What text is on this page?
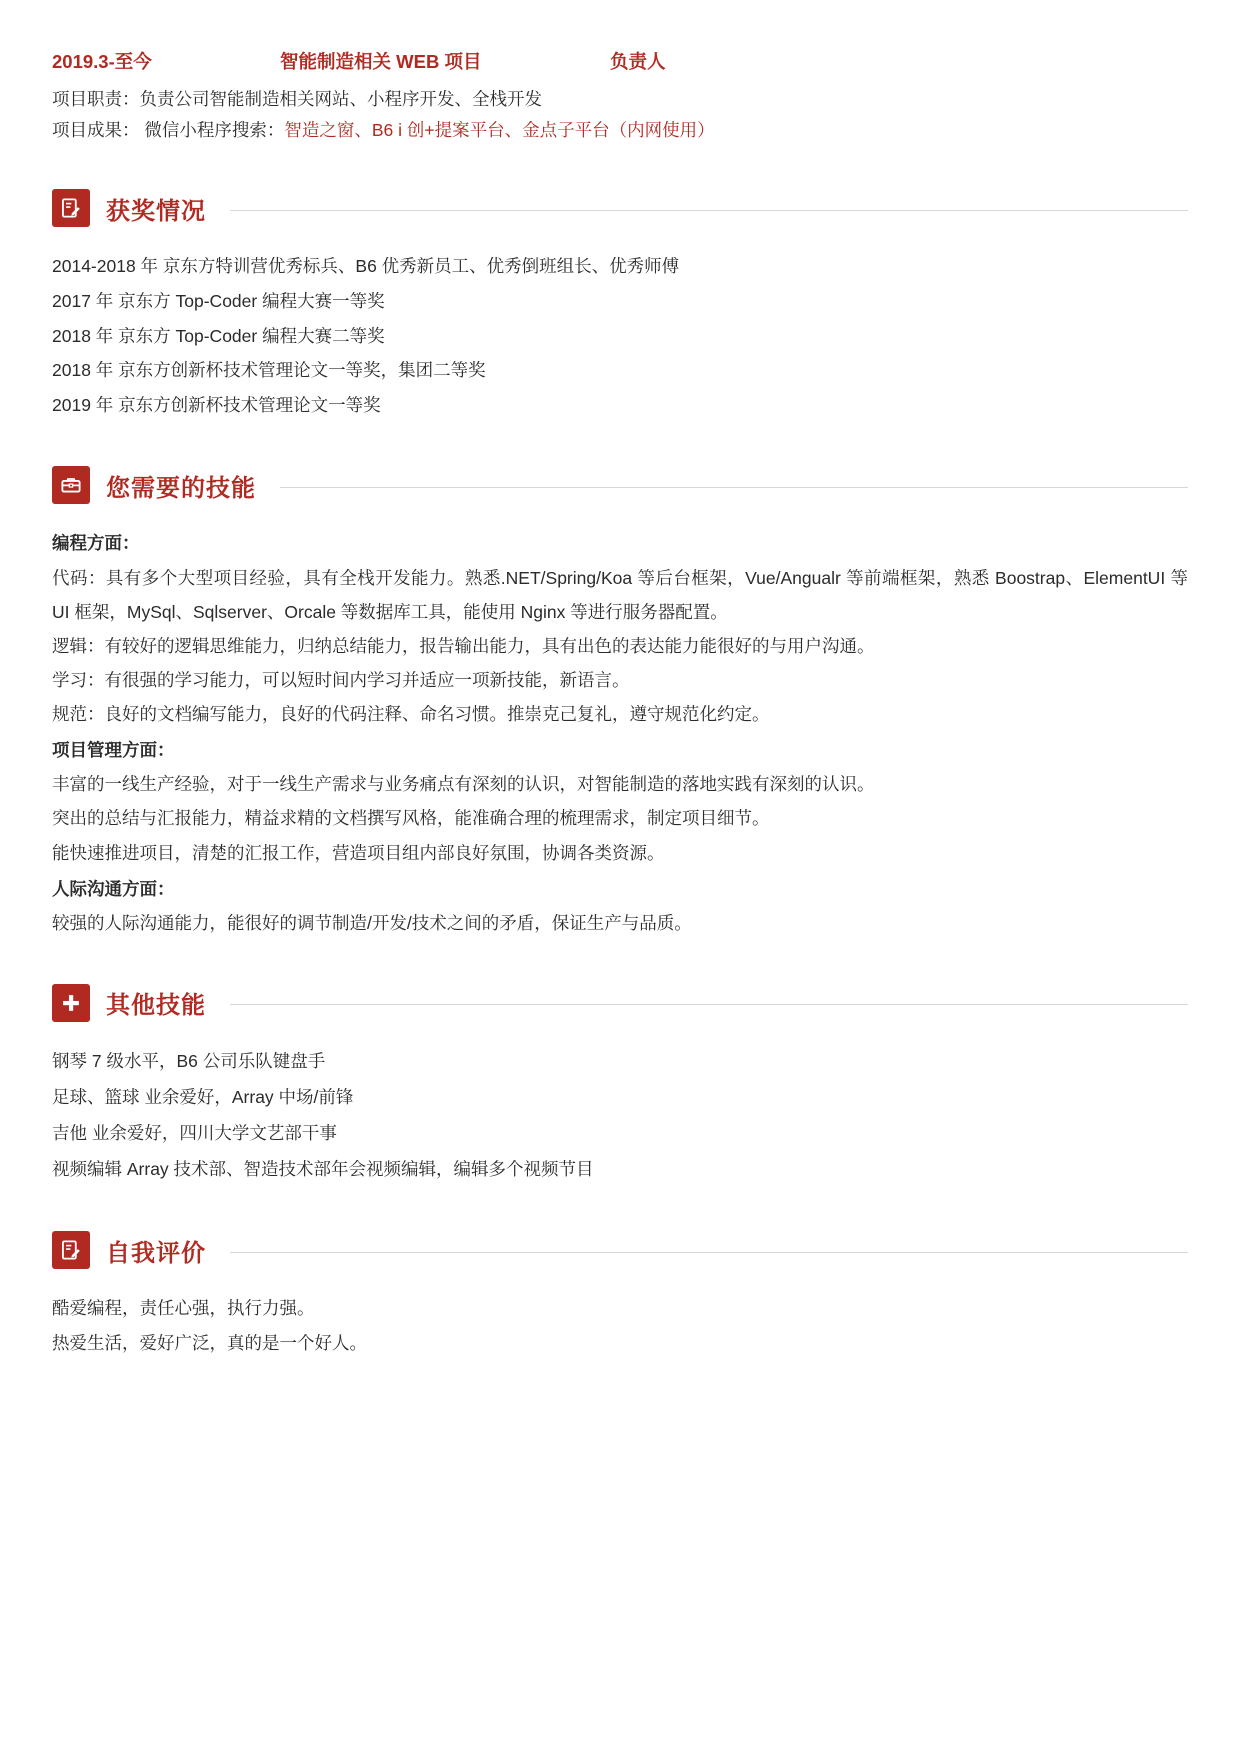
2019.3-至今	智能制造相关 WEB 项目	负责人
项目职责：负责公司智能制造相关网站、小程序开发、全栈开发
项目成果： 微信小程序搜索：智造之窗、B6 i 创+提案平台、金点子平台（内网使用）
获奖情况
2014-2018 年 京东方特训营优秀标兵、B6 优秀新员工、优秀倒班组长、优秀师傅
2017 年 京东方 Top-Coder 编程大赛一等奖
2018 年 京东方 Top-Coder 编程大赛二等奖
2018 年 京东方创新杯技术管理论文一等奖，集团二等奖
2019 年 京东方创新杯技术管理论文一等奖
您需要的技能
编程方面：
代码：具有多个大型项目经验，具有全栈开发能力。熟悉.NET/Spring/Koa 等后台框架，Vue/Angualr 等前端框架，熟悉 Boostrap、ElementUI 等 UI 框架，MySql、Sqlserver、Orcale 等数据库工具，能使用 Nginx 等进行服务器配置。
逻辑：有较好的逻辑思维能力，归纳总结能力，报告输出能力，具有出色的表达能力能很好的与用户沟通。
学习：有很强的学习能力，可以短时间内学习并适应一项新技能，新语言。
规范：良好的文档编写能力，良好的代码注释、命名习惯。推崇克己复礼，遵守规范化约定。
项目管理方面：
丰富的一线生产经验，对于一线生产需求与业务痛点有深刻的认识，对智能制造的落地实践有深刻的认识。
突出的总结与汇报能力，精益求精的文档撰写风格，能准确合理的梳理需求，制定项目细节。
能快速推进项目，清楚的汇报工作，营造项目组内部良好氛围，协调各类资源。
人际沟通方面：
较强的人际沟通能力，能很好的调节制造/开发/技术之间的矛盾，保证生产与品质。
其他技能
钢琴 7 级水平，B6 公司乐队键盘手
足球、篮球 业余爱好，Array 中场/前锋
吉他 业余爱好，四川大学文艺部干事
视频编辑 Array 技术部、智造技术部年会视频编辑，编辑多个视频节目
自我评价
酷爱编程，责任心强，执行力强。
热爱生活，爱好广泛，真的是一个好人。
